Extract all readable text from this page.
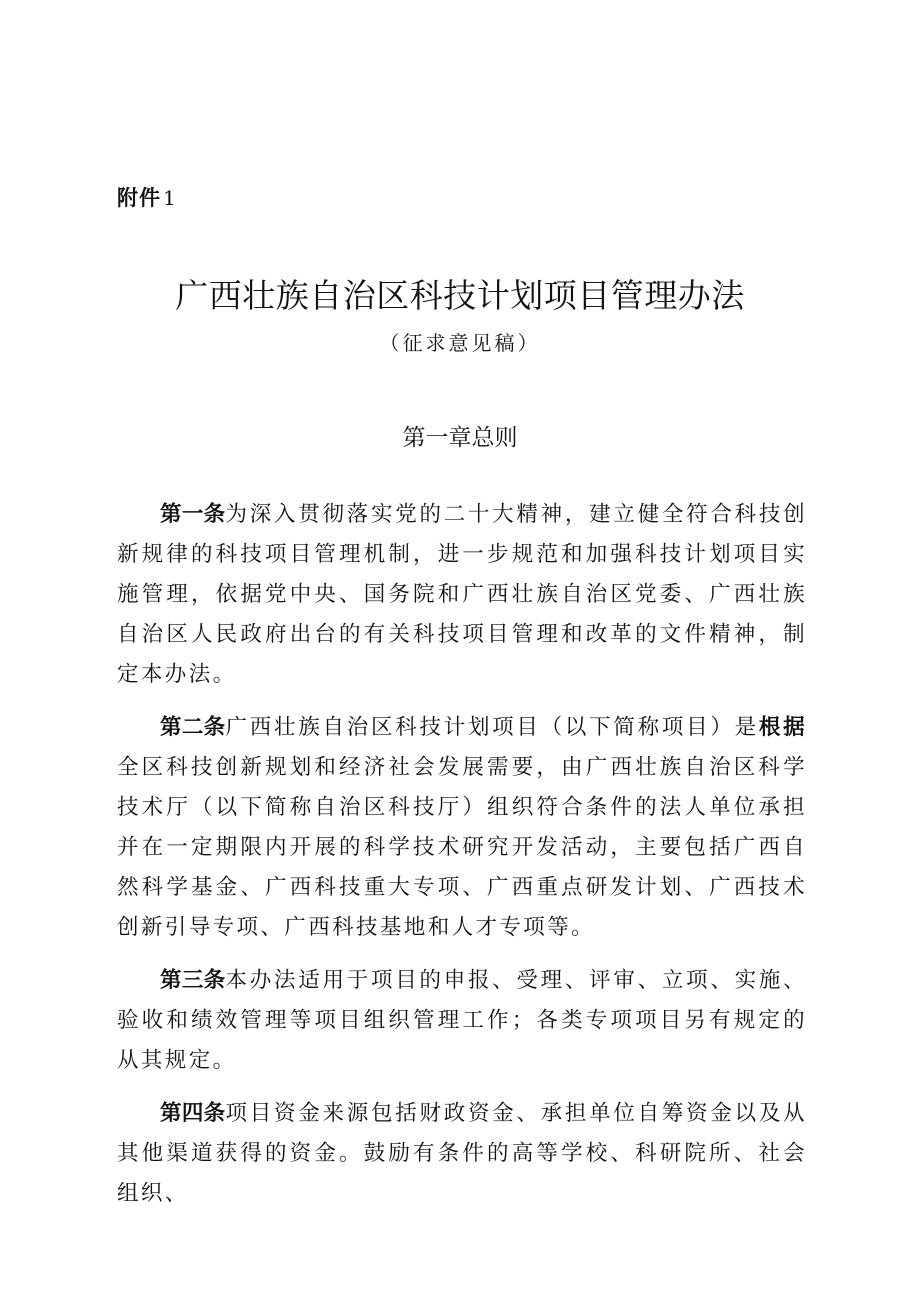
附件 1
广西壮族自治区科技计划项目管理办法
（征求意见稿）
第一章总则

第一条为深入贯彻落实党的二十大精神，建立健全符合科技创新规律的科技项目管理机制，进一步规范和加强科技计划项目实施管理，依据党中央、国务院和广西壮族自治区党委、广西壮族自治区人民政府出台的有关科技项目管理和改革的文件精神，制定本办法。

第二条广西壮族自治区科技计划项目（以下简称项目）是根据全区科技创新规划和经济社会发展需要，由广西壮族自治区科学技术厅（以下简称自治区科技厅）组织符合条件的法人单位承担并在一定期限内开展的科学技术研究开发活动，主要包括广西自然科学基金、广西科技重大专项、广西重点研发计划、广西技术创新引导专项、广西科技基地和人才专项等。

第三条本办法适用于项目的申报、受理、评审、立项、实施、验收和绩效管理等项目组织管理工作；各类专项项目另有规定的从其规定。

第四条项目资金来源包括财政资金、承担单位自筹资金以及从其他渠道获得的资金。鼓励有条件的高等学校、科研院所、社会组织、
